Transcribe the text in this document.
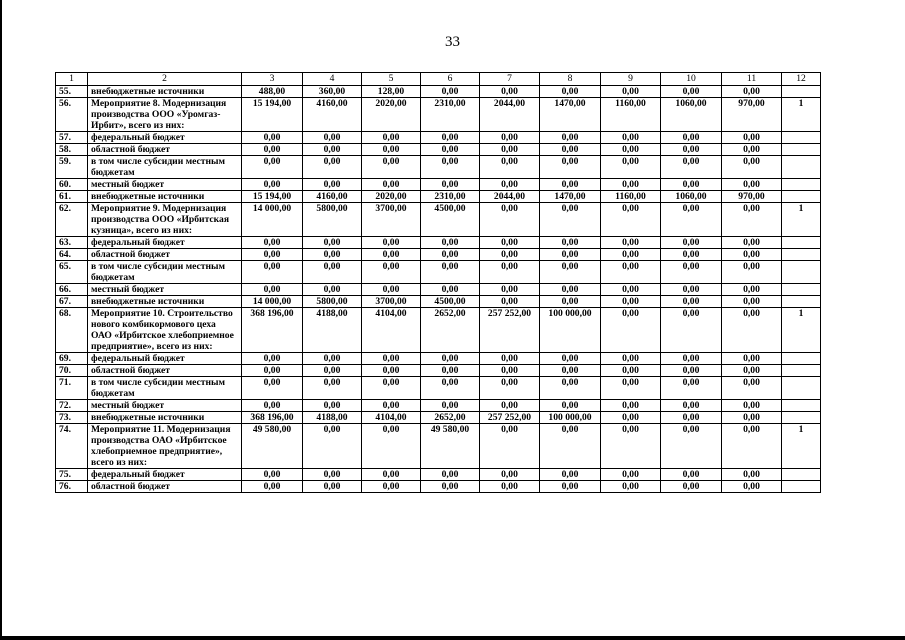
33
1	2	3	4	5	6	7	8	9	10	11	12
55.	внебюджетные источники	488,00	360,00	128,00	0,00	0,00	0,00	0,00	0,00	0,00	
56.	Мероприятие 8. Модернизация производства ООО «Уромгаз-Ирбит», всего из них:	15 194,00	4160,00	2020,00	2310,00	2044,00	1470,00	1160,00	1060,00	970,00	1
57.	федеральный бюджет	0,00	0,00	0,00	0,00	0,00	0,00	0,00	0,00	0,00	
58.	областной бюджет	0,00	0,00	0,00	0,00	0,00	0,00	0,00	0,00	0,00	
59.	в том числе субсидии местным бюджетам	0,00	0,00	0,00	0,00	0,00	0,00	0,00	0,00	0,00	
60.	местный бюджет	0,00	0,00	0,00	0,00	0,00	0,00	0,00	0,00	0,00	
61.	внебюджетные источники	15 194,00	4160,00	2020,00	2310,00	2044,00	1470,00	1160,00	1060,00	970,00	
62.	Мероприятие 9. Модернизация производства ООО «Ирбитская кузница», всего из них:	14 000,00	5800,00	3700,00	4500,00	0,00	0,00	0,00	0,00	0,00	1
63.	федеральный бюджет	0,00	0,00	0,00	0,00	0,00	0,00	0,00	0,00	0,00	
64.	областной бюджет	0,00	0,00	0,00	0,00	0,00	0,00	0,00	0,00	0,00	
65.	в том числе субсидии местным бюджетам	0,00	0,00	0,00	0,00	0,00	0,00	0,00	0,00	0,00	
66.	местный бюджет	0,00	0,00	0,00	0,00	0,00	0,00	0,00	0,00	0,00	
67.	внебюджетные источники	14 000,00	5800,00	3700,00	4500,00	0,00	0,00	0,00	0,00	0,00	
68.	Мероприятие 10. Строительство нового комбикормового цеха ОАО «Ирбитское хлебоприемное предприятие», всего из них:	368 196,00	4188,00	4104,00	2652,00	257 252,00	100 000,00	0,00	0,00	0,00	1
69.	федеральный бюджет	0,00	0,00	0,00	0,00	0,00	0,00	0,00	0,00	0,00	
70.	областной бюджет	0,00	0,00	0,00	0,00	0,00	0,00	0,00	0,00	0,00	
71.	в том числе субсидии местным бюджетам	0,00	0,00	0,00	0,00	0,00	0,00	0,00	0,00	0,00	
72.	местный бюджет	0,00	0,00	0,00	0,00	0,00	0,00	0,00	0,00	0,00	
73.	внебюджетные источники	368 196,00	4188,00	4104,00	2652,00	257 252,00	100 000,00	0,00	0,00	0,00	
74.	Мероприятие 11. Модернизация производства ОАО «Ирбитское хлебоприемное предприятие», всего из них:	49 580,00	0,00	0,00	49 580,00	0,00	0,00	0,00	0,00	0,00	1
75.	федеральный бюджет	0,00	0,00	0,00	0,00	0,00	0,00	0,00	0,00	0,00	
76.	областной бюджет	0,00	0,00	0,00	0,00	0,00	0,00	0,00	0,00	0,00	
